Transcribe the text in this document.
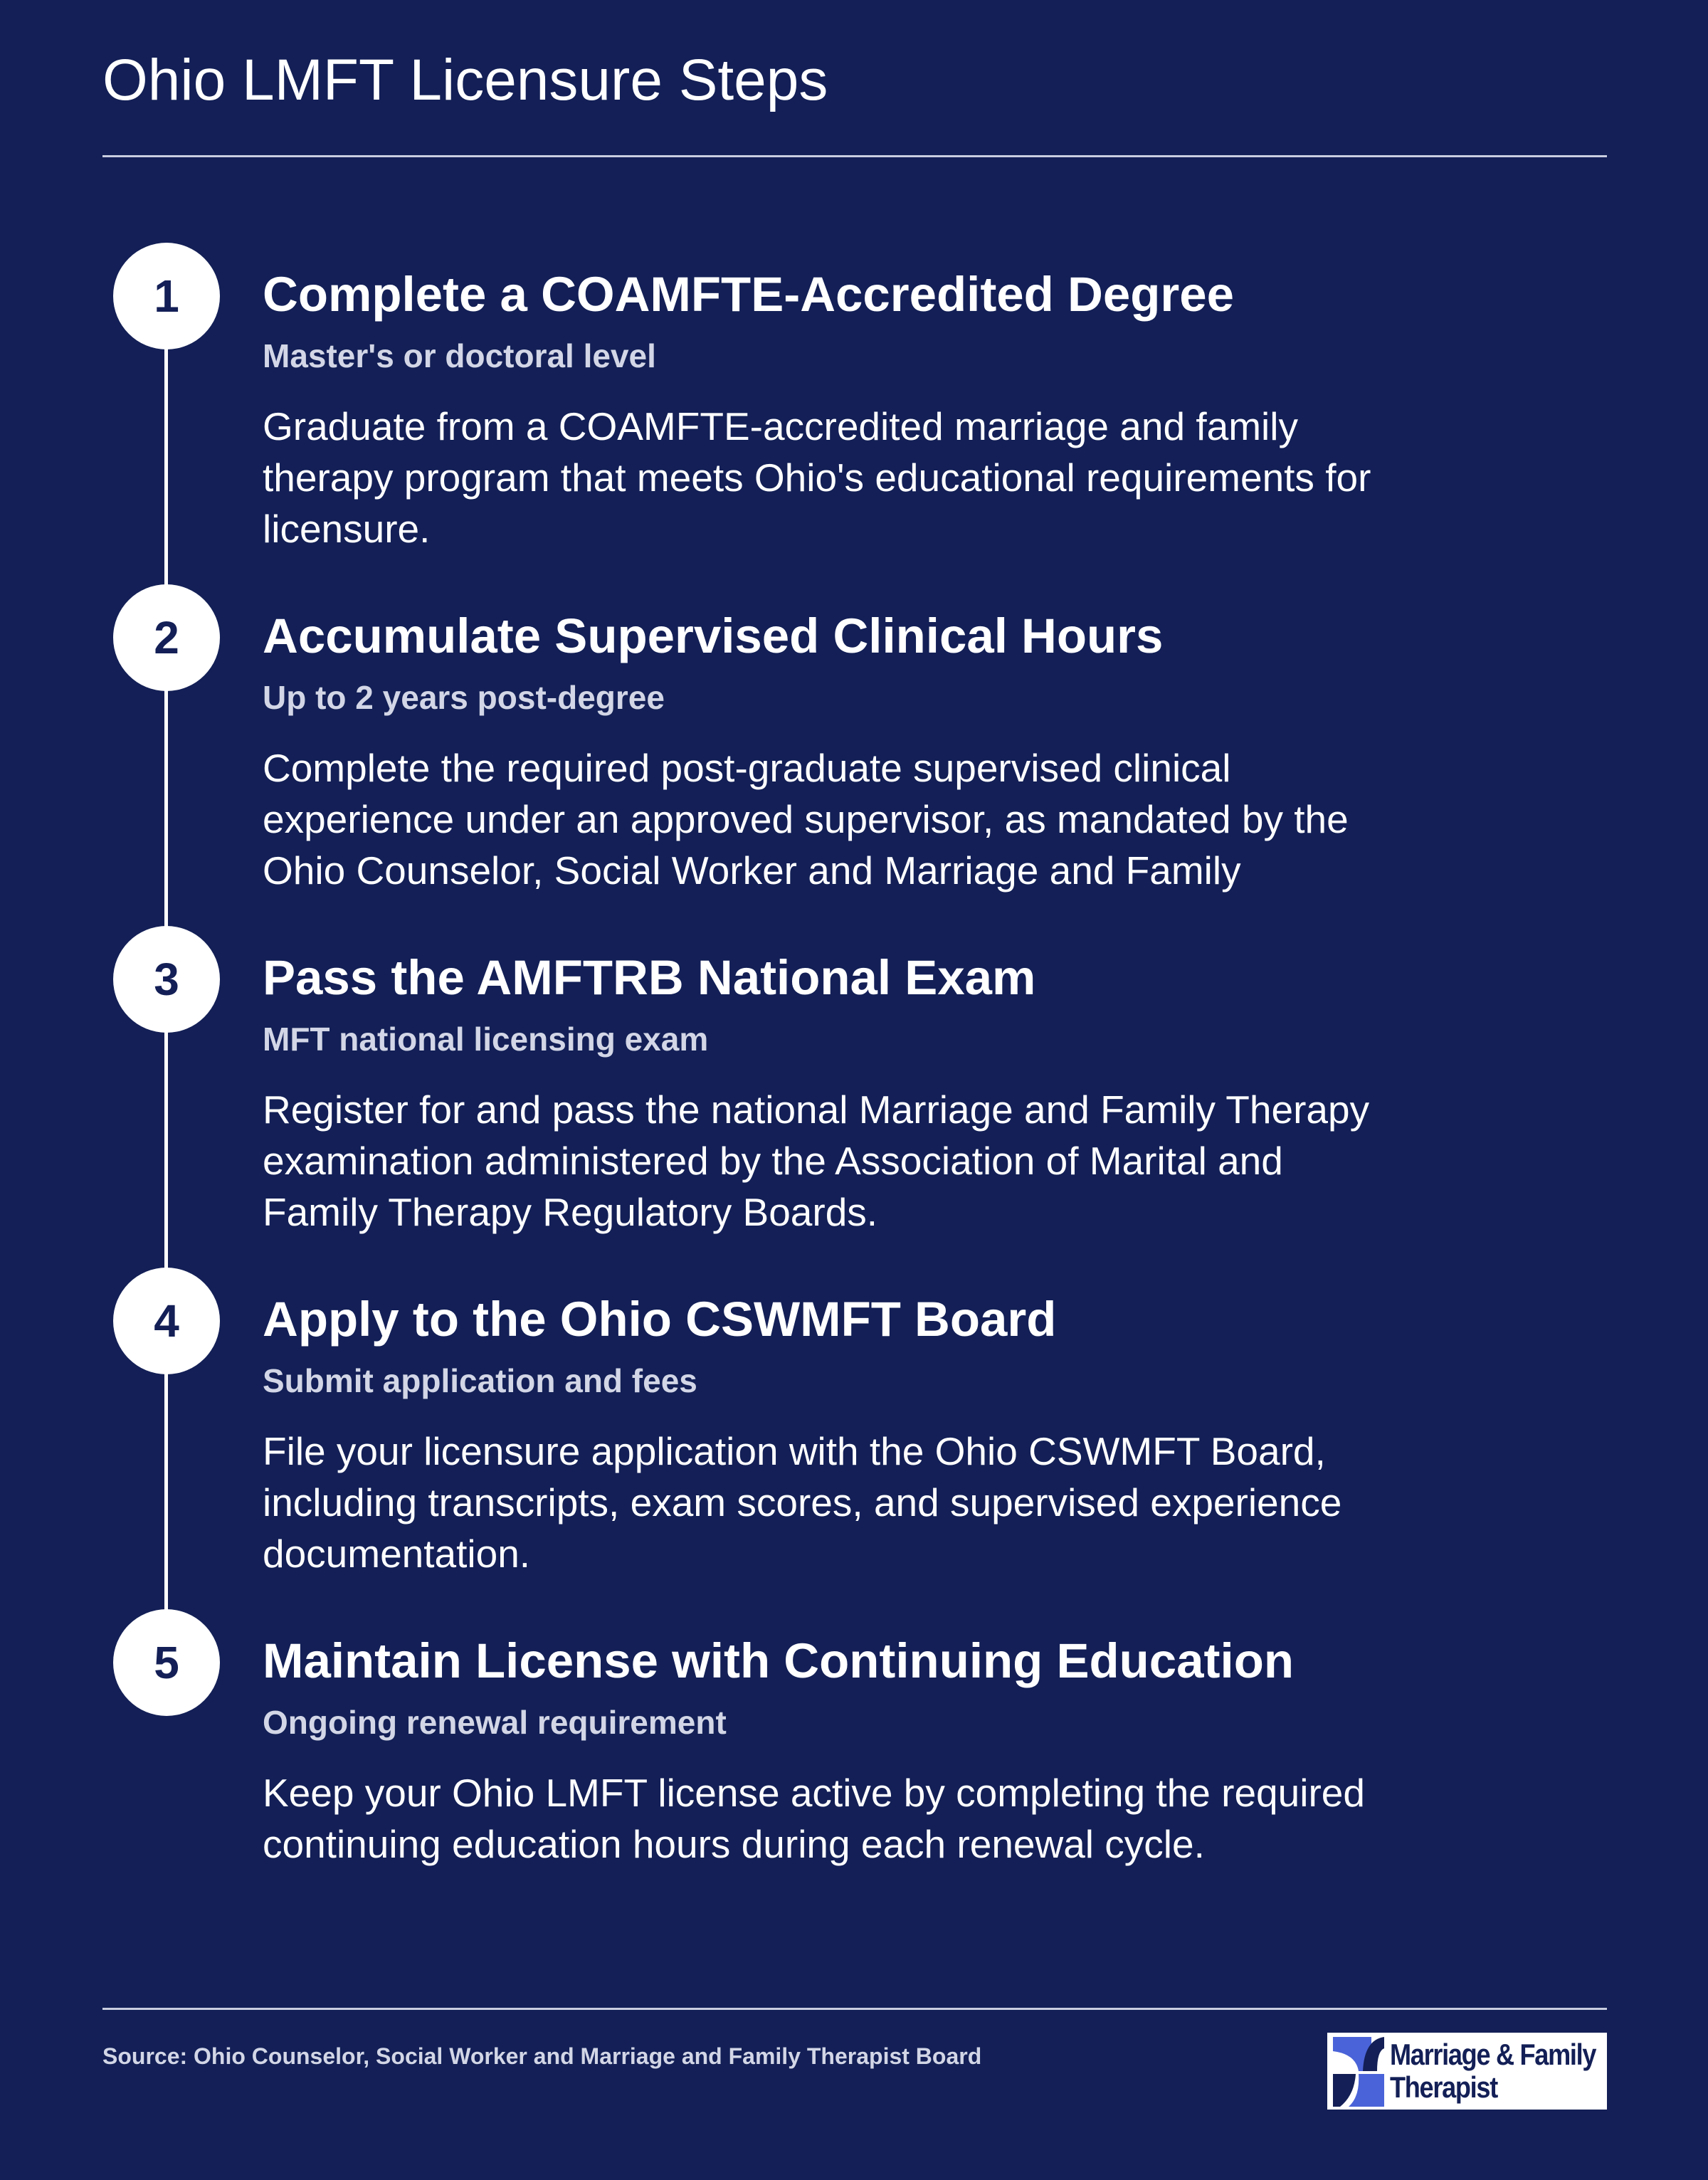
Ohio LMFT Licensure Steps
1	Complete a COAMFTE-Accredited Degree

Master's or doctoral level

Graduate from a COAMFTE-accredited marriage and family therapy program that meets Ohio's educational requirements for licensure.

2	Accumulate Supervised Clinical Hours

Up to 2 years post-degree

Complete the required post-graduate supervised clinical experience under an approved supervisor, as mandated by the Ohio Counselor, Social Worker and Marriage and Family

3	Pass the AMFTRB National Exam

MFT national licensing exam

Register for and pass the national Marriage and Family Therapy examination administered by the Association of Marital and Family Therapy Regulatory Boards.

4	Apply to the Ohio CSWMFT Board

Submit application and fees

File your licensure application with the Ohio CSWMFT Board, including transcripts, exam scores, and supervised experience documentation.

5	Maintain License with Continuing Education

Ongoing renewal requirement

Keep your Ohio LMFT license active by completing the required continuing education hours during each renewal cycle.

Source: Ohio Counselor, Social Worker and Marriage and Family Therapist Board	Marriage & Family
Therapist
